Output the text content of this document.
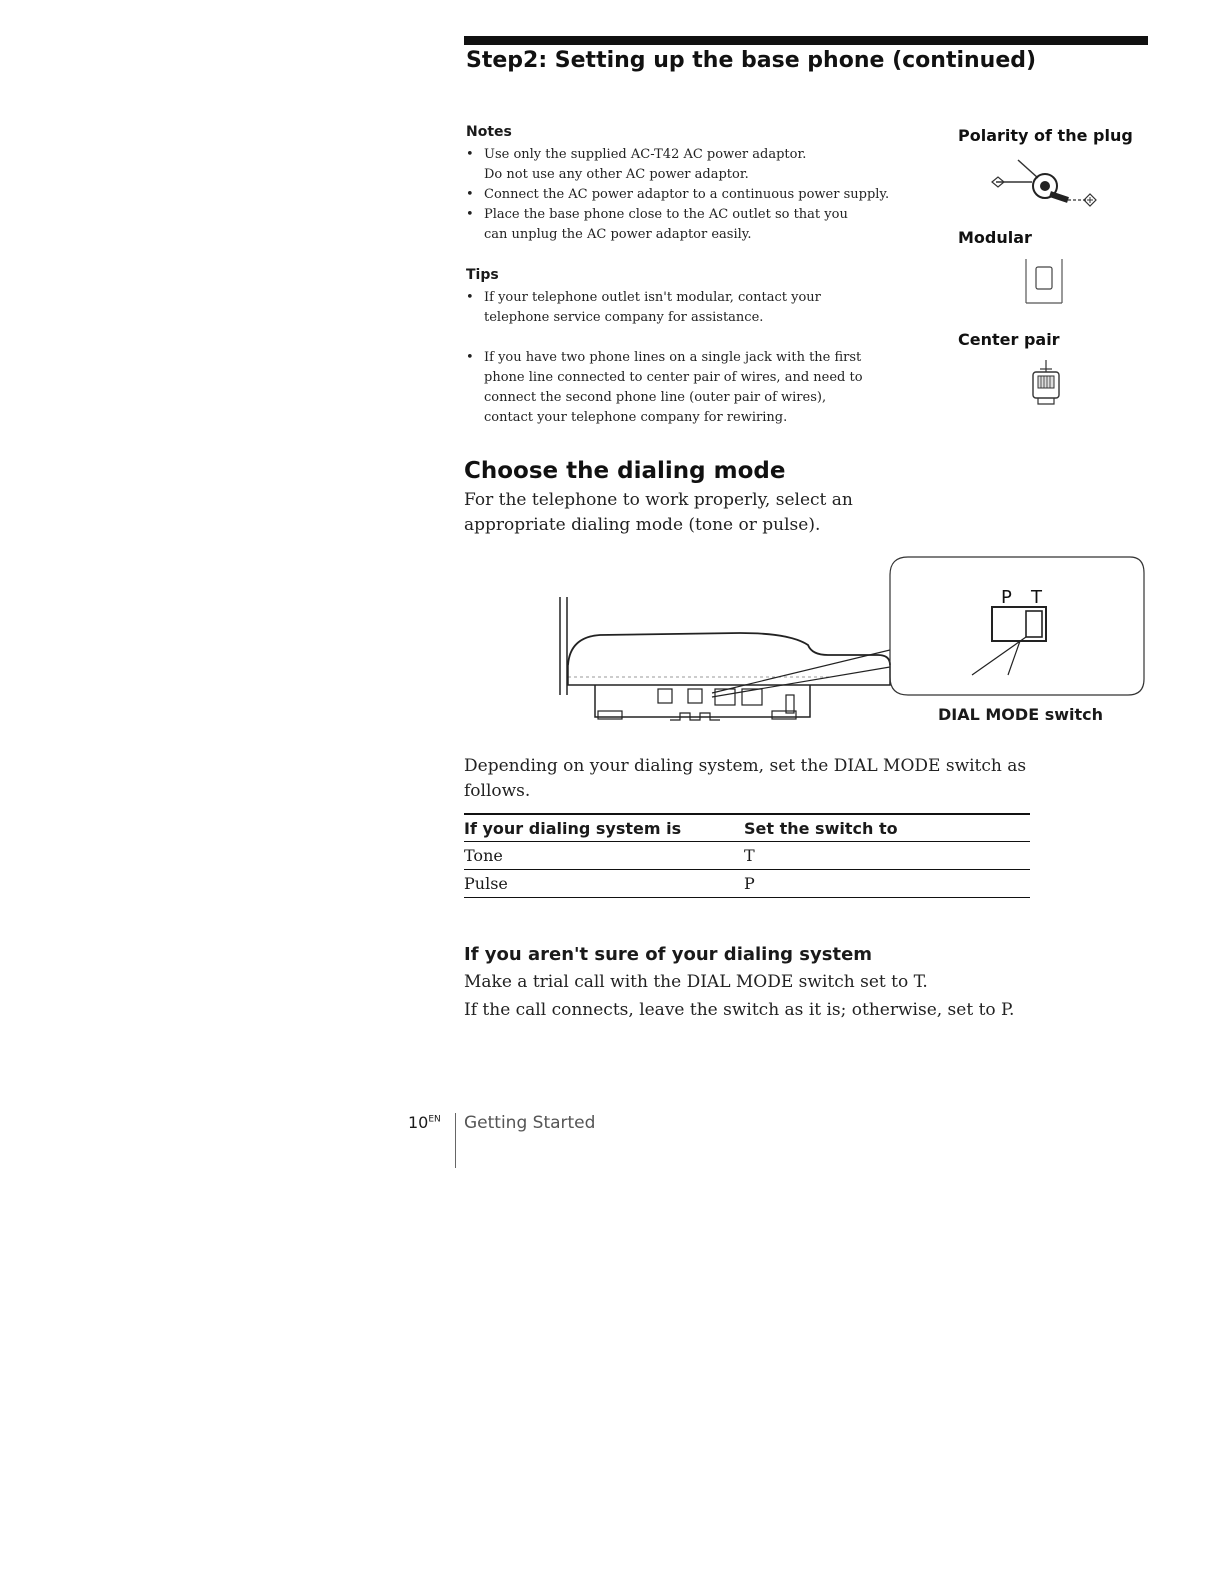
Step2: Setting up the base phone (continued)
Notes
• Use only the supplied AC-T42 AC power adaptor.
Do not use any other AC power adaptor.
• Connect the AC power adaptor to a continuous power supply.
• Place the base phone close to the AC outlet so that you
can unplug the AC power adaptor easily.
Tips
• If your telephone outlet isn't modular, contact your
telephone service company for assistance.
• If you have two phone lines on a single jack with the first
phone line connected to center pair of wires, and need to
connect the second phone line (outer pair of wires),
contact your telephone company for rewiring.
Polarity of the plug
Modular
Center pair
Choose the dialing mode
For the telephone to work properly, select an
appropriate dialing mode (tone or pulse).
P T
DIAL MODE switch
Depending on your dialing system, set the DIAL MODE switch as
follows.
If your dialing system is	Set the switch to
Tone	T
Pulse	P
If you aren't sure of your dialing system
Make a trial call with the DIAL MODE switch set to T.
If the call connects, leave the switch as it is; otherwise, set to P.
$10^{EN}$ Getting Started
